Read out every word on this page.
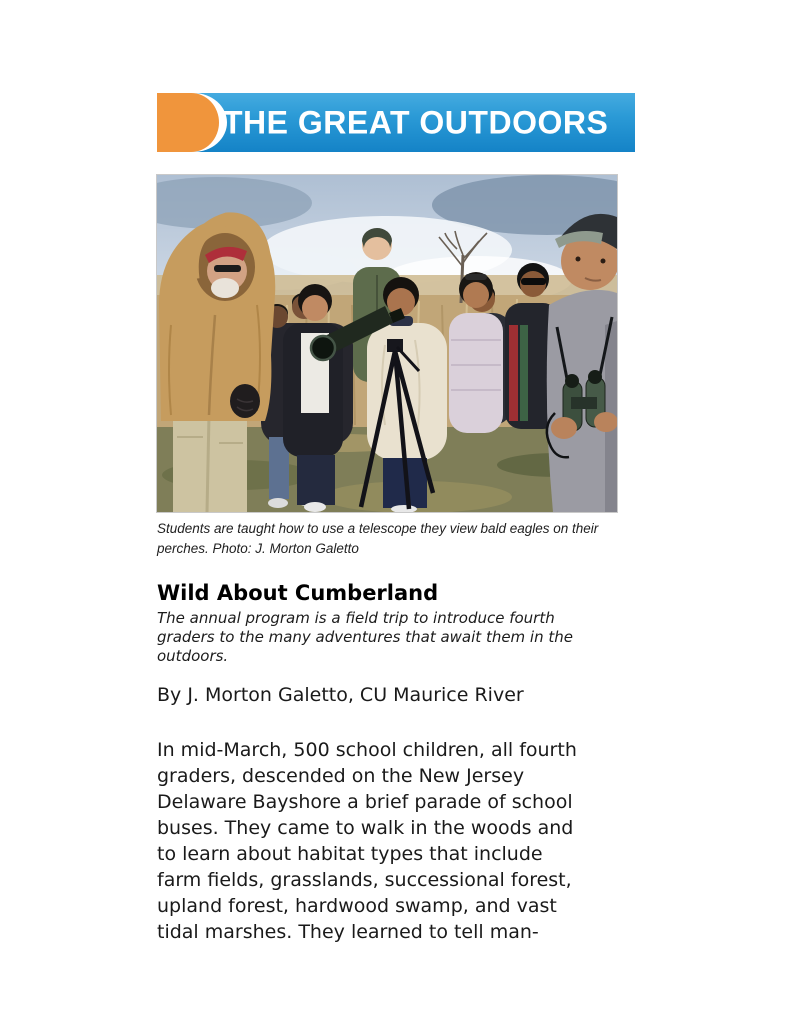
THE GREAT OUTDOORS
Students are taught how to use a telescope they view bald eagles on their
perches. Photo: J. Morton Galetto
Wild About Cumberland
The annual program is a field trip to introduce fourth
graders to the many adventures that await them in the
outdoors.
By J. Morton Galetto, CU Maurice River
In mid-March, 500 school children, all fourth
graders, descended on the New Jersey
Delaware Bayshore a brief parade of school
buses. They came to walk in the woods and
to learn about habitat types that include
farm fields, grasslands, successional forest,
upland forest, hardwood swamp, and vast
tidal marshes. They learned to tell man-
